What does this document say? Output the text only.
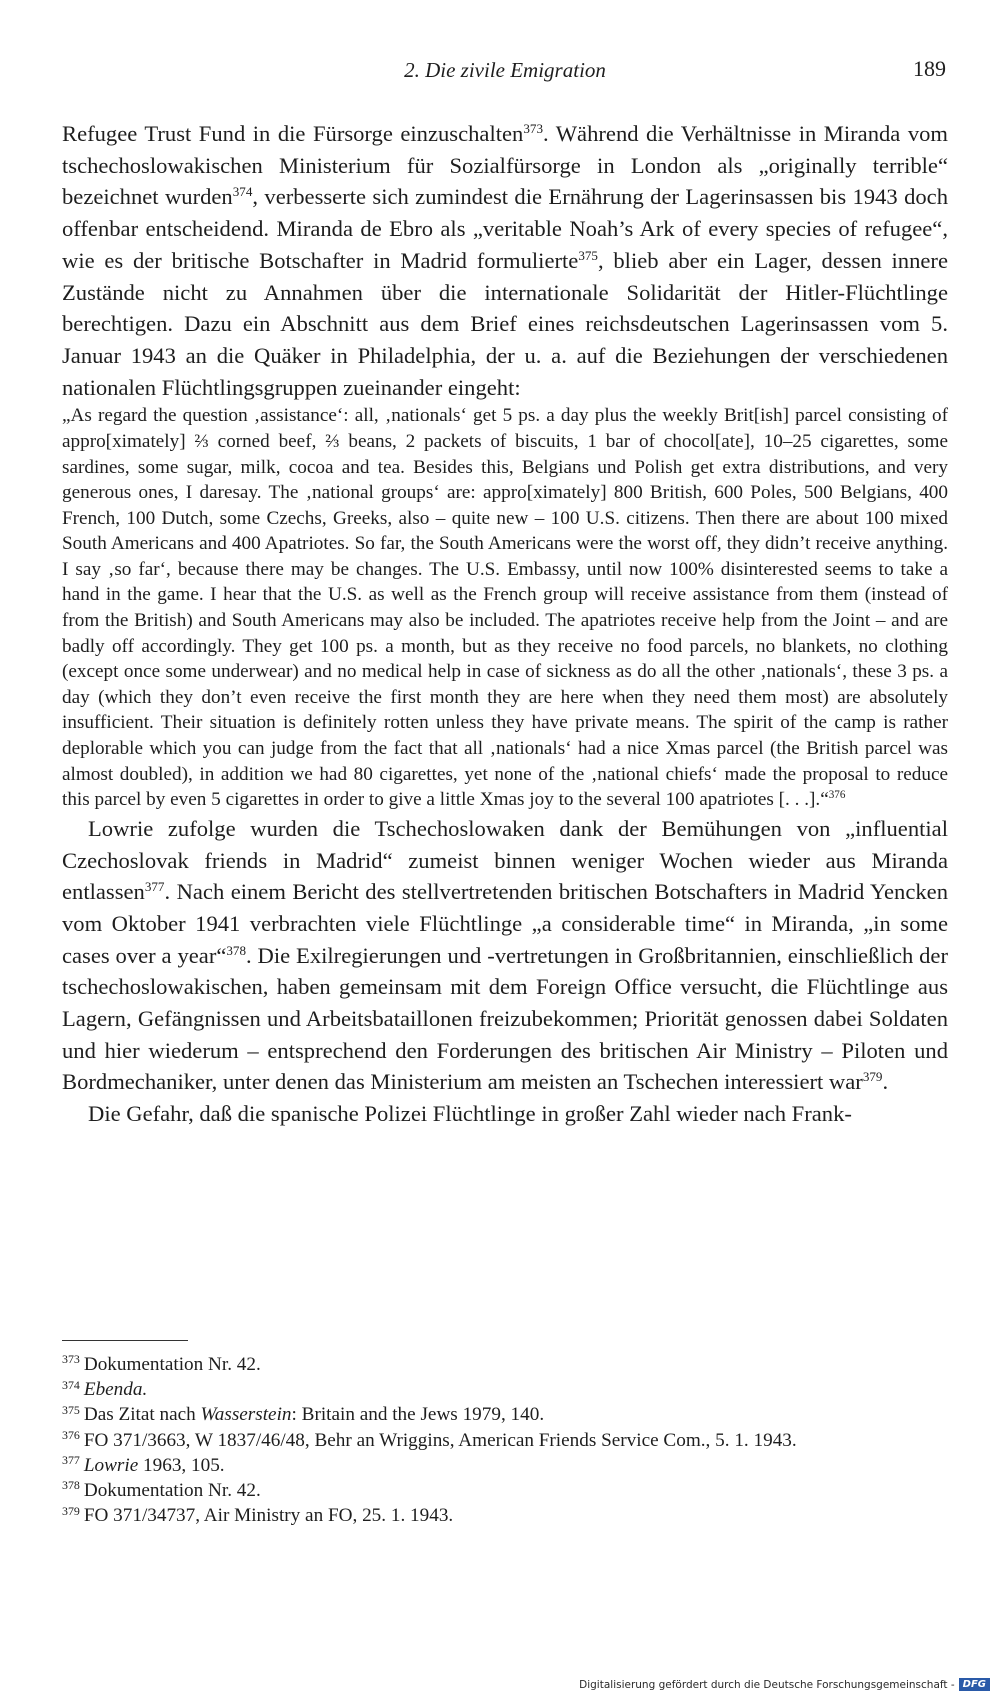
2. Die zivile Emigration	189

Refugee Trust Fund in die Fürsorge einzuschalten$^{373}$. Während die Verhältnisse in Miranda vom tschechoslowakischen Ministerium für Sozialfürsorge in London als „originally terrible“ bezeichnet wurden$^{374}$, verbesserte sich zumindest die Ernährung der Lagerinsassen bis 1943 doch offenbar entscheidend. Miranda de Ebro als „veritable Noah’s Ark of every species of refugee“, wie es der britische Botschafter in Madrid formulierte$^{375}$, blieb aber ein Lager, dessen innere Zustände nicht zu Annahmen über die internationale Solidarität der Hitler-Flüchtlinge berechtigen. Dazu ein Abschnitt aus dem Brief eines reichsdeutschen Lagerinsassen vom 5. Januar 1943 an die Quäker in Philadelphia, der u. a. auf die Beziehungen der verschiedenen nationalen Flüchtlingsgruppen zueinander eingeht:

„As regard the question ‚assistance‘: all, ‚nationals‘ get 5 ps. a day plus the weekly Brit[ish] parcel consisting of appro[ximately] ⅔ corned beef, ⅔ beans, 2 packets of biscuits, 1 bar of chocol[ate], 10–25 cigarettes, some sardines, some sugar, milk, cocoa and tea. Besides this, Belgians und Polish get extra distributions, and very generous ones, I daresay. The ‚national groups‘ are: appro[ximately] 800 British, 600 Poles, 500 Belgians, 400 French, 100 Dutch, some Czechs, Greeks, also – quite new – 100 U.S. citizens. Then there are about 100 mixed South Americans and 400 Apatriotes. So far, the South Americans were the worst off, they didn’t receive anything. I say ‚so far‘, because there may be changes. The U.S. Embassy, until now 100% disinterested seems to take a hand in the game. I hear that the U.S. as well as the French group will receive assistance from them (instead of from the British) and South Americans may also be included. The apatriotes receive help from the Joint – and are badly off accordingly. They get 100 ps. a month, but as they receive no food parcels, no blankets, no clothing (except once some underwear) and no medical help in case of sickness as do all the other ‚nationals‘, these 3 ps. a day (which they don’t even receive the first month they are here when they need them most) are absolutely insufficient. Their situation is definitely rotten unless they have private means. The spirit of the camp is rather deplorable which you can judge from the fact that all ‚nationals‘ had a nice Xmas parcel (the British parcel was almost doubled), in addition we had 80 cigarettes, yet none of the ‚national chiefs‘ made the proposal to reduce this parcel by even 5 cigarettes in order to give a little Xmas joy to the several 100 apatriotes [. . .].“$^{376}$

Lowrie zufolge wurden die Tschechoslowaken dank der Bemühungen von „influential Czechoslovak friends in Madrid“ zumeist binnen weniger Wochen wieder aus Miranda entlassen$^{377}$. Nach einem Bericht des stellvertretenden britischen Botschafters in Madrid Yencken vom Oktober 1941 verbrachten viele Flüchtlinge „a considerable time“ in Miranda, „in some cases over a year“$^{378}$. Die Exilregierungen und -vertretungen in Großbritannien, einschließlich der tschechoslowakischen, haben gemeinsam mit dem Foreign Office versucht, die Flüchtlinge aus Lagern, Gefängnissen und Arbeitsbataillonen freizubekommen; Priorität genossen dabei Soldaten und hier wiederum – entsprechend den Forderungen des britischen Air Ministry – Piloten und Bordmechaniker, unter denen das Ministerium am meisten an Tschechen interessiert war$^{379}$.

Die Gefahr, daß die spanische Polizei Flüchtlinge in großer Zahl wieder nach Frank-

$^{373}$ Dokumentation Nr. 42.
$^{374}$ Ebenda.
$^{375}$ Das Zitat nach Wasserstein: Britain and the Jews 1979, 140.
$^{376}$ FO 371/3663, W 1837/46/48, Behr an Wriggins, American Friends Service Com., 5. 1. 1943.
$^{377}$ Lowrie 1963, 105.
$^{378}$ Dokumentation Nr. 42.
$^{379}$ FO 371/34737, Air Ministry an FO, 25. 1. 1943.
Digitalisierung gefördert durch die Deutsche Forschungsgemeinschaft - DFG
